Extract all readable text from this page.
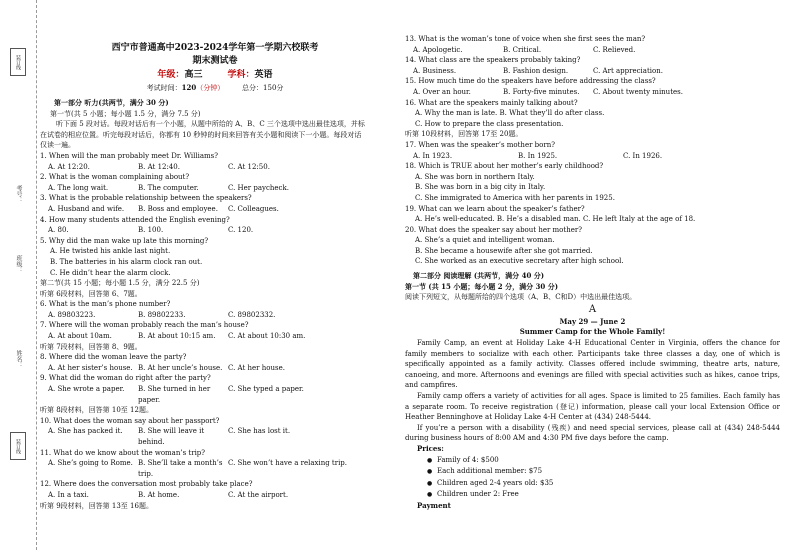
装订线
考号：
班级：
姓名：
装订线
西宁市普通高中2023-2024学年第一学期六校联考
期末测试卷
年级：高三	学科：英语
考试时间：120（分钟）	总分：150分
第一部分 听力(共两节，满分 30 分)
第一节(共 5 小题；每小题 1.5 分，满分 7.5 分)
听下面 5 段对话。每段对话后有一个小题，从题中所给的 A、B、C 三个选项中选出最佳选项，并标
在试卷的相应位置。听完每段对话后，你都有 10 秒钟的时间来回答有关小题和阅读下一小题。每段对话
仅读一遍。
1. When will the man probably meet Dr. Williams?
A. At 12:20.	B. At 12:40.	C. At 12:50.
2. What is the woman complaining about?
A. The long wait.	B. The computer.	C. Her paycheck.
3. What is the probable relationship between the speakers?
A. Husband and wife.	B. Boss and employee.	C. Colleagues.
4. How many students attended the English evening?
A. 80.	B. 100.	C. 120.
5. Why did the man wake up late this morning?
A. He twisted his ankle last night.
B. The batteries in his alarm clock ran out.
C. He didn’t hear the alarm clock.
第二节(共 15 小题；每小题 1.5 分，满分 22.5 分)
听第 6段材料，回答第 6、7题。
6. What is the man’s phone number?
A. 89803223.	B. 89802233.	C. 89802332.
7. Where will the woman probably reach the man’s house?
A. At about 10am.	B. At about 10:15 am.	C. At about 10:30 am.
听第 7段材料，回答第 8、9题。
8. Where did the woman leave the party?
A. At her sister’s house. B. At her uncle’s house. C. At her house.
9. What did the woman do right after the party?
A. She wrote a paper.	B. She turned in her paper.
C. She typed a paper.
听第 8段材料，回答第 10至 12题。
10. What does the woman say about her passport?
A. She has packed it.	B. She will leave it behind.
C. She has lost it.
11. What do we know about the woman’s trip?
A. She’s going to Rome. B. She’ll take a month’s trip.
C. She won’t have a relaxing trip.
12. Where does the conversation most probably take place?
A. In a taxi.	B. At home.	C. At the airport.
听第 9段材料，回答第 13至 16题。
13. What is the woman’s tone of voice when she first sees the man?
A. Apologetic.	B. Critical.	C. Relieved.
14. What class are the speakers probably taking?
A. Business.	B. Fashion design.	C. Art appreciation.
15. How much time do the speakers have before addressing the class?
A. Over an hour.	B. Forty-five minutes.	C. About twenty minutes.
16. What are the speakers mainly talking about?
A. Why the man is late. B. What they’ll do after class.
C. How to prepare the class presentation.
听第 10段材料，回答第 17至 20题。
17. When was the speaker’s mother born?
A. In 1923.	B. In 1925.	C. In 1926.
18. Which is TRUE about her mother’s early childhood?
A. She was born in northern Italy.
B. She was born in a big city in Italy.
C. She immigrated to America with her parents in 1925.
19. What can we learn about the speaker’s father?
A. He’s well-educated. B. He’s a disabled man. C. He left Italy at the age of 18.
20. What does the speaker say about her mother?
A. She’s a quiet and intelligent woman.
B. She became a housewife after she got married.
C. She worked as an executive secretary after high school.
第二部分 阅读理解 (共两节，满分 40 分)
第一节 (共 15 小题；每小题 2 分，满分 30 分)
阅读下列短文，从每题所给的四个选项（A、B、C和D）中选出最佳选项。
A
May 29 — June 2
Summer Camp for the Whole Family!
Family Camp, an event at Holiday Lake 4-H Educational Center in Virginia, offers the chance for family members to socialize with each other. Participants take three classes a day, one of which is specifically appointed as a family activity. Classes offered include swimming, theatre arts, nature, canoeing, and more. Afternoons and evenings are filled with special activities such as hikes, canoe trips, and campfires.
Family camp offers a variety of activities for all ages. Space is limited to 25 families. Each family has a separate room. To receive registration (登记) information, please call your local Extension Office or Heather Benninghove at Holiday Lake 4-H Center at (434) 248-5444.
If you’re a person with a disability (残疾) and need special services, please call at (434) 248-5444 during business hours of 8:00 AM and 4:30 PM five days before the camp.
Prices:
● Family of 4: $500
● Each additional member: $75
● Children aged 2-4 years old: $35
● Children under 2: Free
Payment
